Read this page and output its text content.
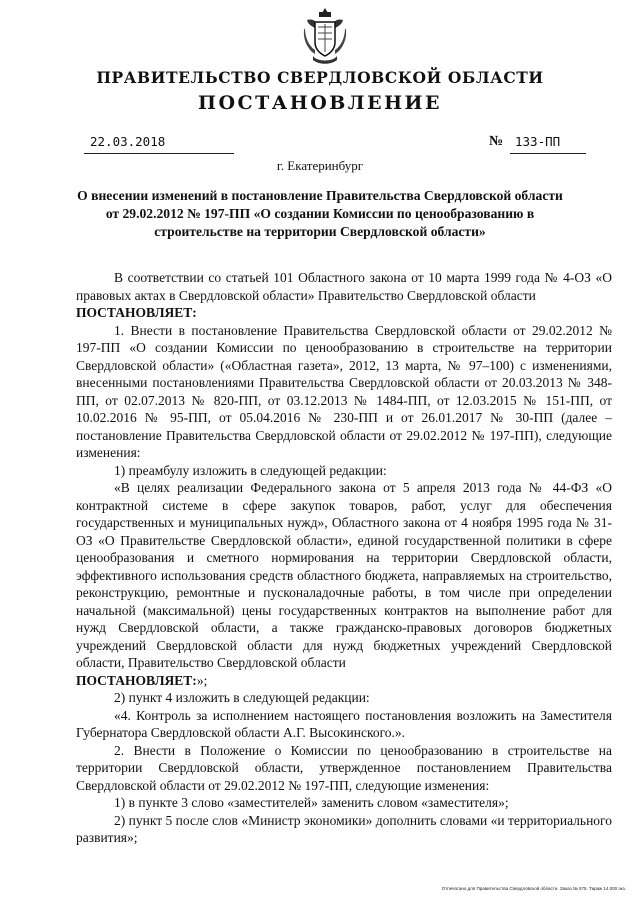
ПРАВИТЕЛЬСТВО СВЕРДЛОВСКОЙ ОБЛАСТИ
ПОСТАНОВЛЕНИЕ
22.03.2018	№ 133-ПП
г. Екатеринбург
О внесении изменений в постановление Правительства Свердловской области от 29.02.2012 № 197-ПП «О создании Комиссии по ценообразованию в строительстве на территории Свердловской области»

В соответствии со статьей 101 Областного закона от 10 марта 1999 года № 4-ОЗ «О правовых актах в Свердловской области» Правительство Свердловской области

ПОСТАНОВЛЯЕТ:

1. Внести в постановление Правительства Свердловской области от 29.02.2012 № 197-ПП «О создании Комиссии по ценообразованию в строительстве на территории Свердловской области» («Областная газета», 2012, 13 марта, № 97–100) с изменениями, внесенными постановлениями Правительства Свердловской области от 20.03.2013 № 348-ПП, от 02.07.2013 № 820-ПП, от 03.12.2013 № 1484-ПП, от 12.03.2015 № 151-ПП, от 10.02.2016 № 95-ПП, от 05.04.2016 № 230-ПП и от 26.01.2017 № 30-ПП (далее – постановление Правительства Свердловской области от 29.02.2012 № 197-ПП), следующие изменения:

1) преамбулу изложить в следующей редакции:

«В целях реализации Федерального закона от 5 апреля 2013 года № 44-ФЗ «О контрактной системе в сфере закупок товаров, работ, услуг для обеспечения государственных и муниципальных нужд», Областного закона от 4 ноября 1995 года № 31-ОЗ «О Правительстве Свердловской области», единой государственной политики в сфере ценообразования и сметного нормирования на территории Свердловской области, эффективного использования средств областного бюджета, направляемых на строительство, реконструкцию, ремонтные и пусконаладочные работы, в том числе при определении начальной (максимальной) цены государственных контрактов на выполнение работ для нужд Свердловской области, а также гражданско-правовых договоров бюджетных учреждений Свердловской области для нужд бюджетных учреждений Свердловской области, Правительство Свердловской области

ПОСТАНОВЛЯЕТ:»;

2) пункт 4 изложить в следующей редакции:

«4. Контроль за исполнением настоящего постановления возложить на Заместителя Губернатора Свердловской области А.Г. Высокинского.».

2. Внести в Положение о Комиссии по ценообразованию в строительстве на территории Свердловской области, утвержденное постановлением Правительства Свердловской области от 29.02.2012 № 197-ПП, следующие изменения:

1) в пункте 3 слово «заместителей» заменить словом «заместителя»;

2) пункт 5 после слов «Министр экономики» дополнить словами «и территориального развития»;

Отпечатано для Правительства Свердловской области. Заказ № 575. Тираж 14 000 экз.
